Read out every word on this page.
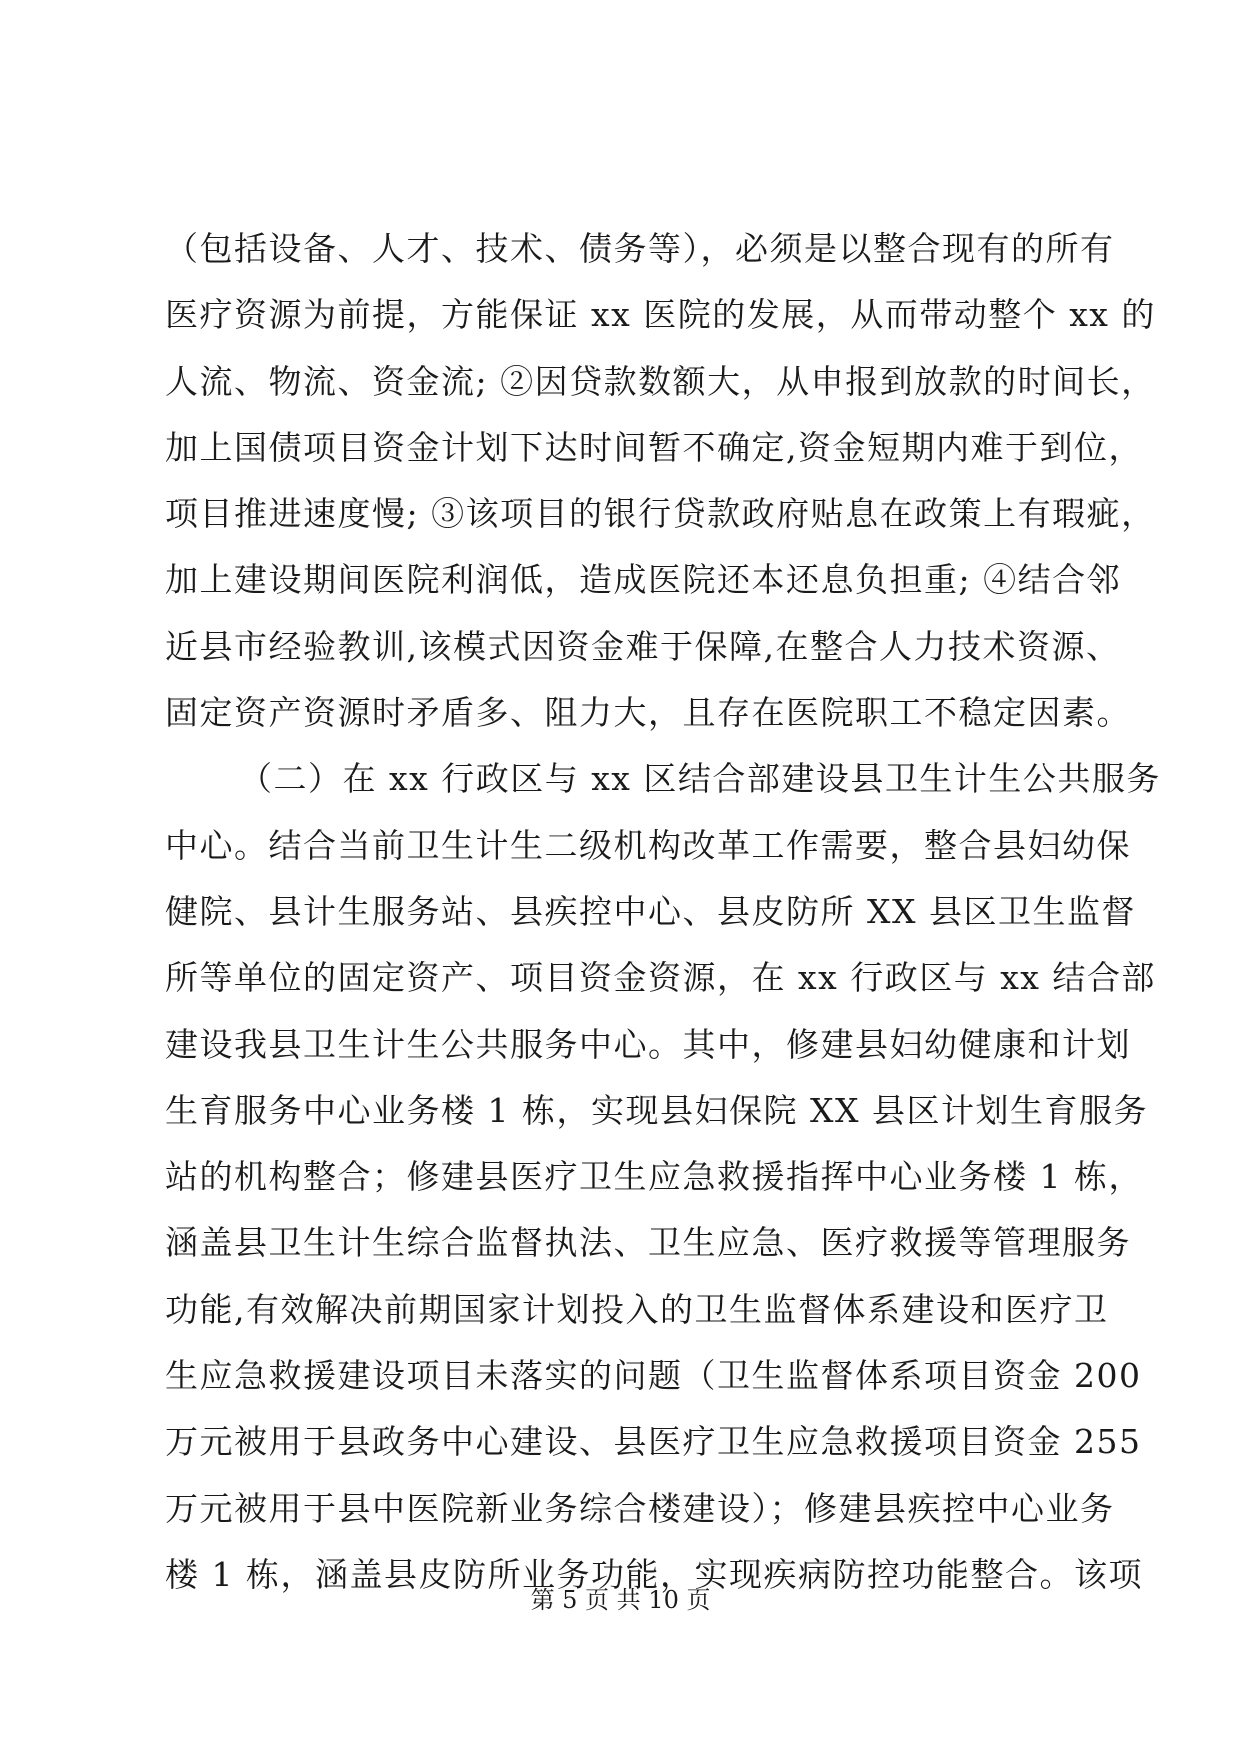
（包括设备、人才、技术、债务等），必须是以整合现有的所有
医疗资源为前提，方能保证 xx 医院的发展，从而带动整个 xx 的
人流、物流、资金流; ②因贷款数额大，从申报到放款的时间长，
加上国债项目资金计划下达时间暂不确定,资金短期内难于到位，
项目推进速度慢; ③该项目的银行贷款政府贴息在政策上有瑕疵，
加上建设期间医院利润低，造成医院还本还息负担重; ④结合邻
近县市经验教训,该模式因资金难于保障,在整合人力技术资源、
固定资产资源时矛盾多、阻力大，且存在医院职工不稳定因素。
（二）在 xx 行政区与 xx 区结合部建设县卫生计生公共服务
中心。结合当前卫生计生二级机构改革工作需要，整合县妇幼保
健院、县计生服务站、县疾控中心、县皮防所 XX 县区卫生监督
所等单位的固定资产、项目资金资源，在 xx 行政区与 xx 结合部
建设我县卫生计生公共服务中心。其中，修建县妇幼健康和计划
生育服务中心业务楼 1 栋，实现县妇保院 XX 县区计划生育服务
站的机构整合；修建县医疗卫生应急救援指挥中心业务楼 1 栋，
涵盖县卫生计生综合监督执法、卫生应急、医疗救援等管理服务
功能,有效解决前期国家计划投入的卫生监督体系建设和医疗卫
生应急救援建设项目未落实的问题（卫生监督体系项目资金 200
万元被用于县政务中心建设、县医疗卫生应急救援项目资金 255
万元被用于县中医院新业务综合楼建设）；修建县疾控中心业务
楼 1 栋，涵盖县皮防所业务功能，实现疾病防控功能整合。该项
第 5 页 共 10 页
